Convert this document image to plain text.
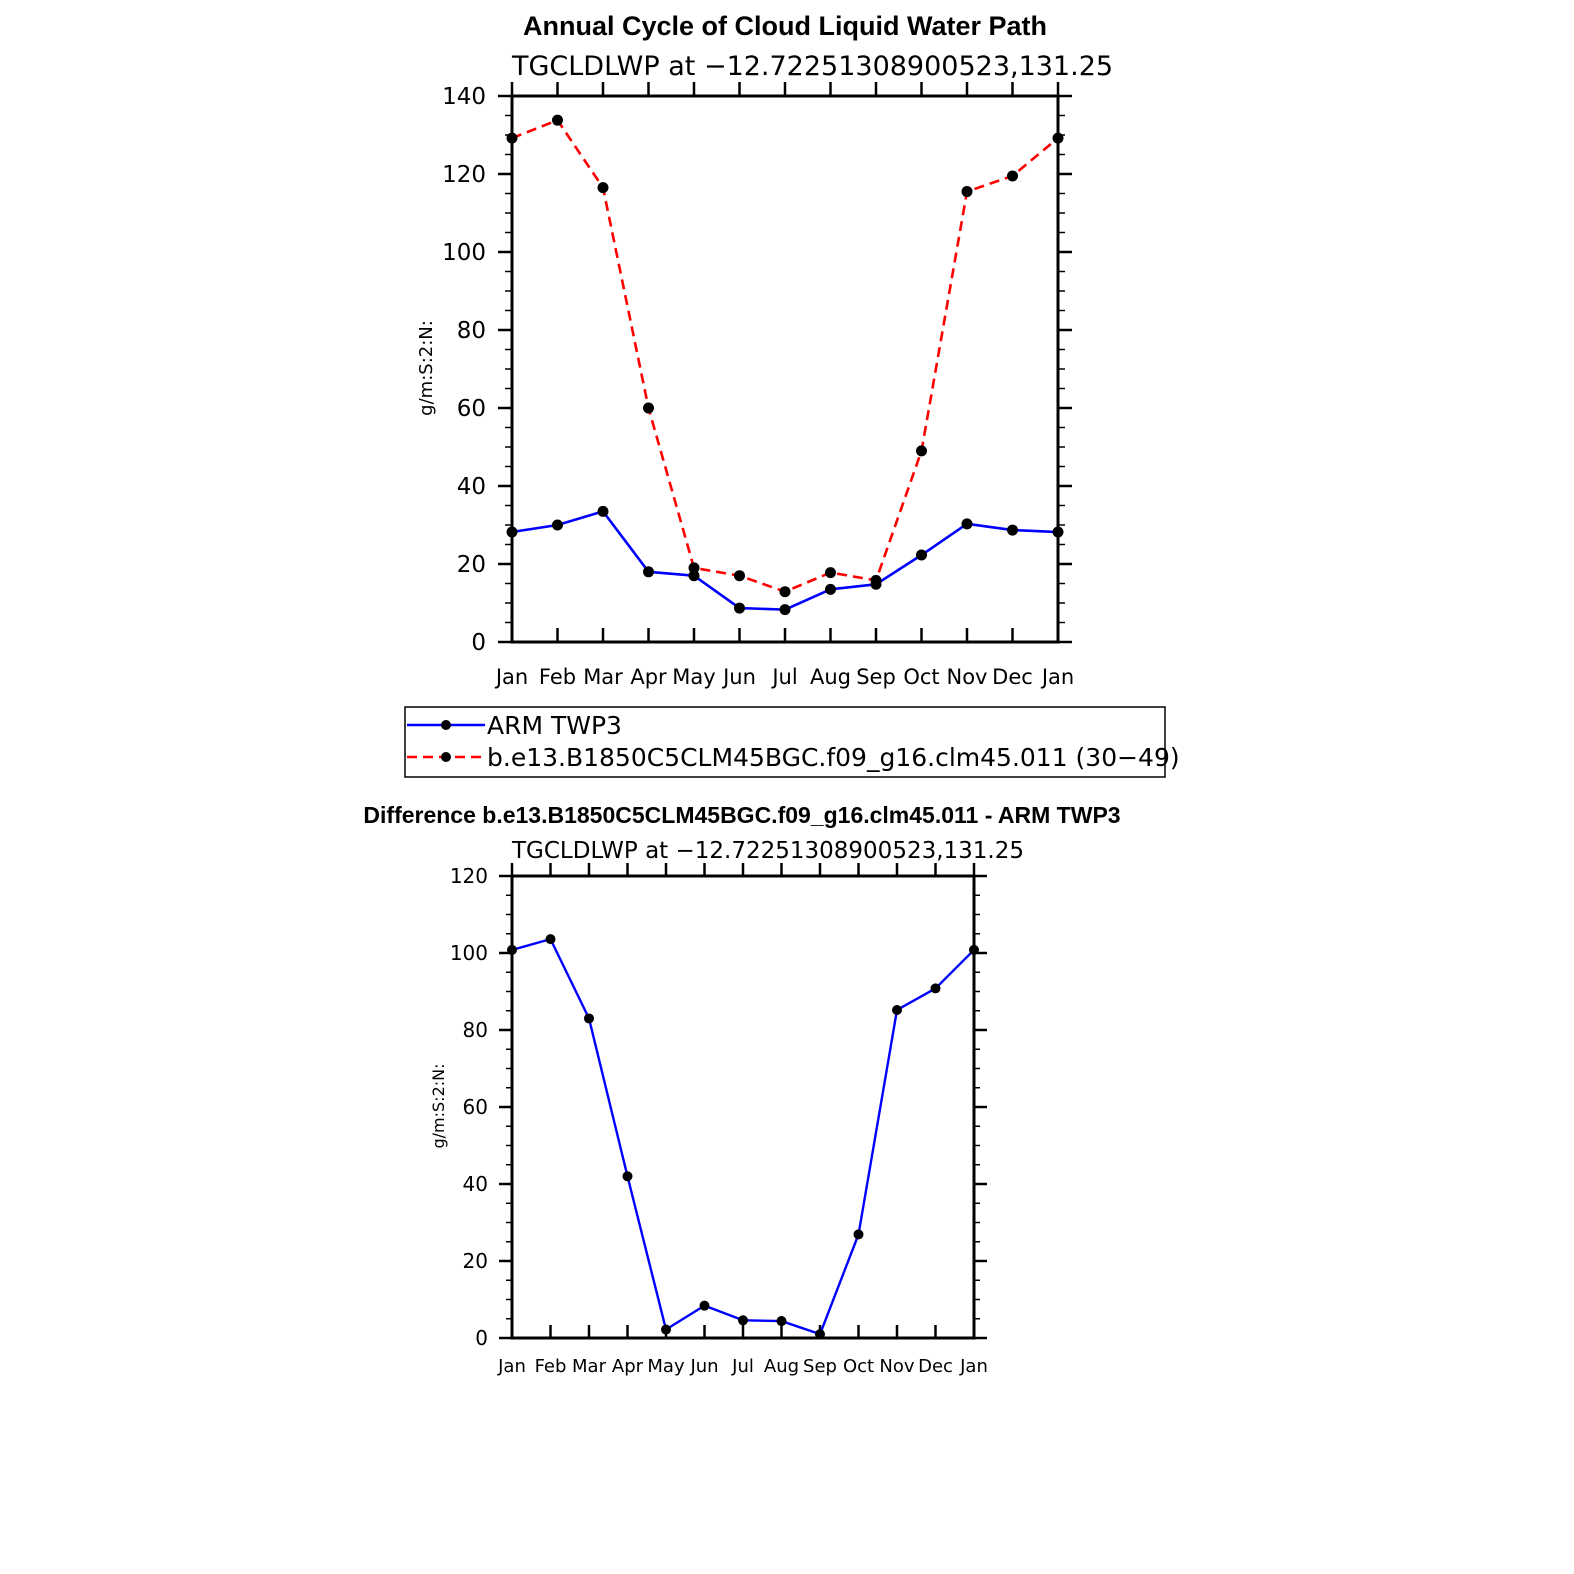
Annual Cycle of Cloud Liquid Water Path
TGCLDLWP at −12.72251308900523,131.25
g/m:S:2:N:
Jan Feb Mar Apr May Jun Jul Aug Sep Oct Nov Dec Jan
0
20
40
60
80
100
120
140
ARM TWP3
b.e13.B1850C5CLM45BGC.f09_g16.clm45.011 (30−49)
Difference b.e13.B1850C5CLM45BGC.f09_g16.clm45.011 - ARM TWP3
TGCLDLWP at −12.72251308900523,131.25
g/m:S:2:N:
Jan Feb Mar Apr May Jun Jul Aug Sep Oct Nov Dec Jan
0
20
40
60
80
100
120
